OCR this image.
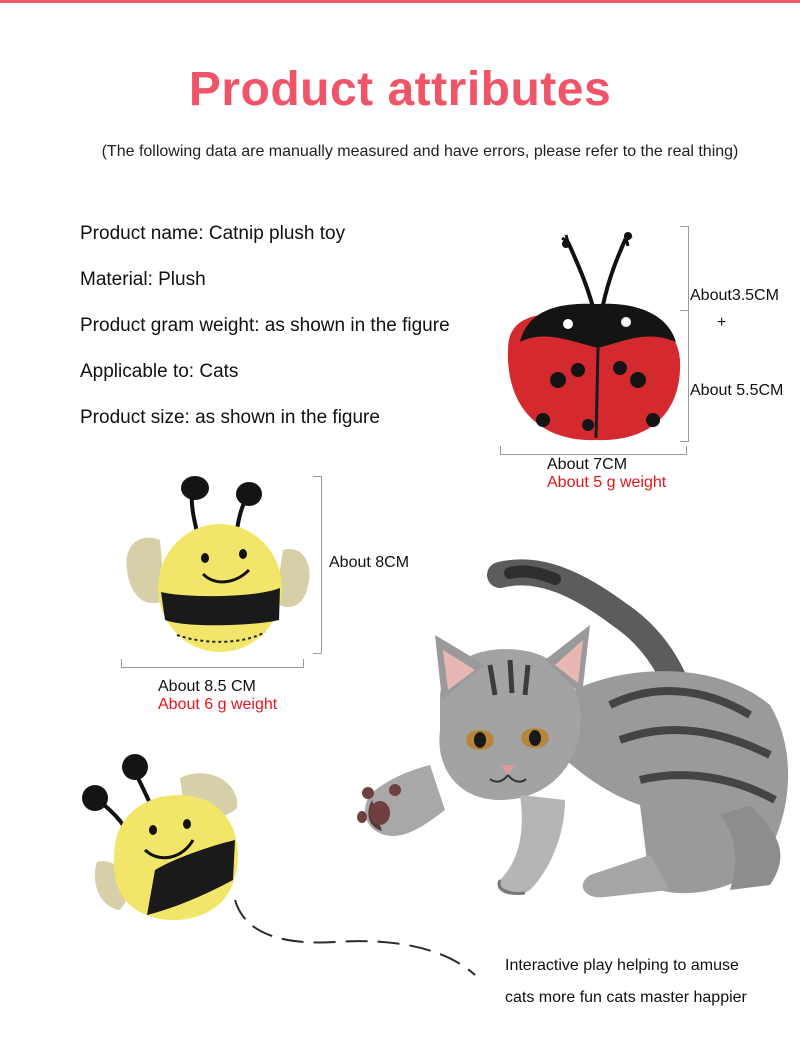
Product attributes
(The following data are manually measured and have errors, please refer to the real thing)
Product name: Catnip plush toy
Material: Plush
Product gram weight: as shown in the figure
Applicable to: Cats
Product size: as shown in the figure
About3.5CM
+
About 5.5CM
About 7CM
About 5 g weight
About 8CM
About 8.5 CM
About 6 g weight
Interactive play helping to amuse
cats more fun cats master happier
